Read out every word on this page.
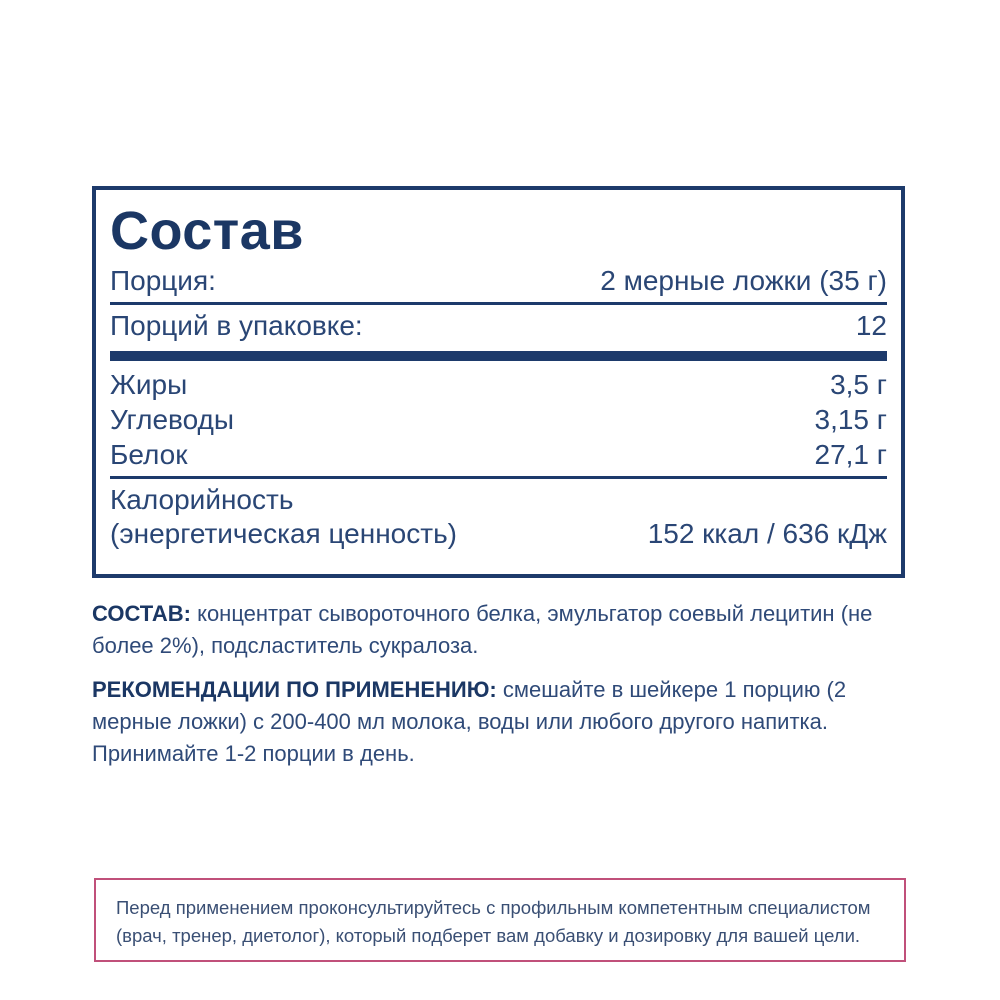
Состав
Порция:	2 мерные ложки (35 г)
Порций в упаковке:	12
Жиры	3,5 г
Углеводы	3,15 г
Белок	27,1 г
Калорийность
(энергетическая ценность)	152 ккал / 636 кДж
СОСТАВ: концентрат сывороточного белка, эмульгатор соевый лецитин (не более 2%), подсластитель сукралоза.
РЕКОМЕНДАЦИИ ПО ПРИМЕНЕНИЮ: смешайте в шейкере 1 порцию (2 мерные ложки) с 200-400 мл молока, воды или любого другого напитка. Принимайте 1-2 порции в день.
Перед применением проконсультируйтесь с профильным компетентным специалистом (врач, тренер, диетолог), который подберет вам добавку и дозировку для вашей цели.
